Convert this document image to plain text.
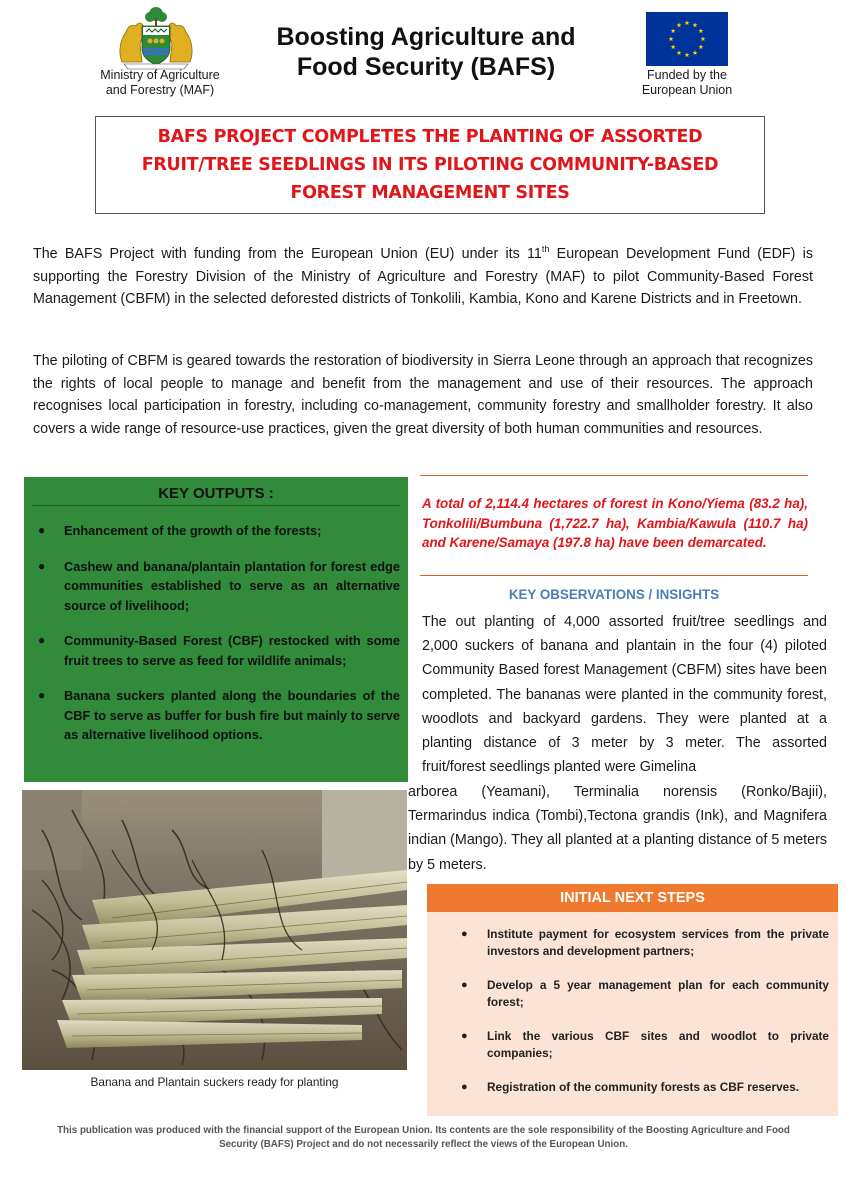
Ministry of Agriculture
and Forestry (MAF)
Boosting Agriculture and
Food Security (BAFS)	Funded by the
European Union
BAFS PROJECT COMPLETES THE PLANTING OF ASSORTED
FRUIT/TREE SEEDLINGS IN ITS PILOTING COMMUNITY-BASED
FOREST MANAGEMENT SITES

The BAFS Project with funding from the European Union (EU) under its 11th European Development Fund (EDF) is supporting the Forestry Division of the Ministry of Agriculture and Forestry (MAF) to pilot Community-Based Forest Management (CBFM) in the selected deforested districts of Tonkolili, Kambia, Kono and Karene Districts and in Freetown.

The piloting of CBFM is geared towards the restoration of biodiversity in Sierra Leone through an approach that recognizes the rights of local people to manage and benefit from the management and use of their resources. The approach recognises local participation in forestry, including co-management, community forestry and smallholder forestry. It also covers a wide range of resource-use practices, given the great diversity of both human communities and resources.

KEY OUTPUTS :
● Enhancement of the growth of the forests;
● Cashew and banana/plantain plantation for forest edge communities established to serve as an alternative source of livelihood;
● Community-Based Forest (CBF) restocked with some fruit trees to serve as feed for wildlife animals;
● Banana suckers planted along the boundaries of the CBF to serve as buffer for bush fire but mainly to serve as alternative livelihood options.

A total of 2,114.4 hectares of forest in Kono/Yiema (83.2 ha), Tonkolili/Bumbuna (1,722.7 ha), Kambia/Kawula (110.7 ha) and Karene/Samaya (197.8 ha) have been demarcated.

KEY OBSERVATIONS / INSIGHTS

The out planting of 4,000 assorted fruit/tree seedlings and 2,000 suckers of banana and plantain in the four (4) piloted Community Based forest Management (CBFM) sites have been completed. The bananas were planted in the community forest, woodlots and backyard gardens. They were planted at a planting distance of 3 meter by 3 meter. The assorted fruit/forest seedlings planted were Gimelina

arborea (Yeamani), Terminalia norensis (Ronko/Bajii), Termarindus indica (Tombi),Tectona grandis (Ink), and Magnifera indian (Mango). They all planted at a planting distance of 5 meters by 5 meters.

Banana and Plantain suckers ready for planting
INITIAL NEXT STEPS
● Institute payment for ecosystem services from the private investors and development partners;
● Develop a 5 year management plan for each community forest;
● Link the various CBF sites and woodlot to private companies;
● Registration of the community forests as CBF reserves.
This publication was produced with the financial support of the European Union. Its contents are the sole responsibility of the Boosting Agriculture and Food
Security (BAFS) Project and do not necessarily reflect the views of the European Union.
